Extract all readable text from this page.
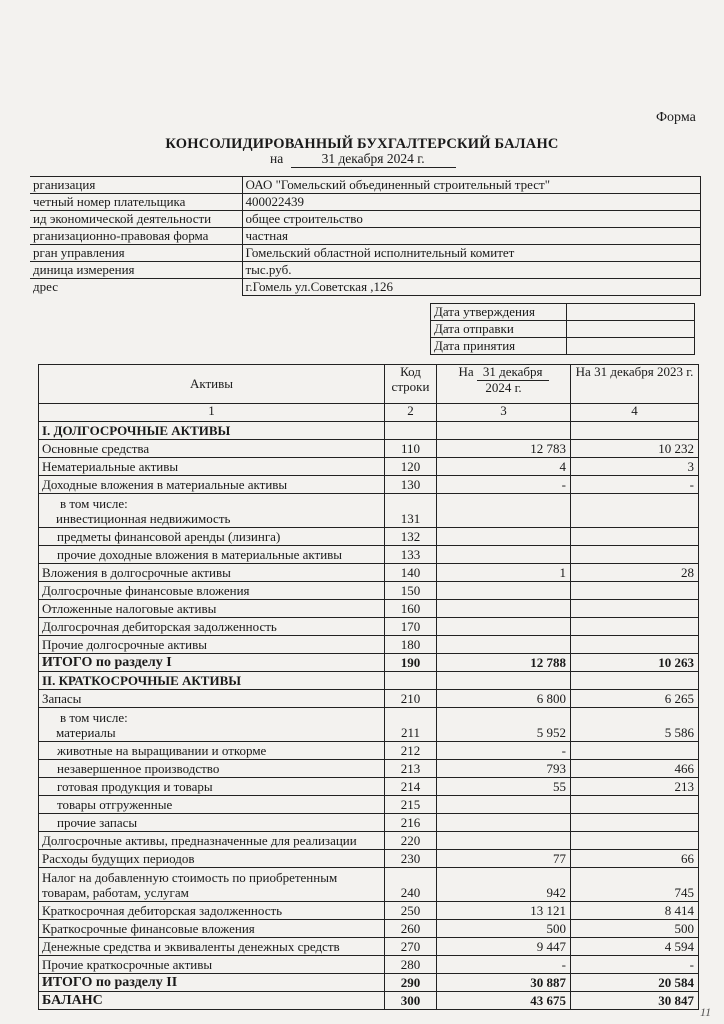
Форма
КОНСОЛИДИРОВАННЫЙ БУХГАЛТЕРСКИЙ БАЛАНС
на	31 декабря 2024 г.
рганизация	ОАО "Гомельский объединенный строительный трест"
четный номер плательщика	400022439
ид экономической деятельности	общее строительство
рганизационно-правовая форма	частная
рган управления	Гомельский областной исполнительный комитет
диница измерения	тыс.руб.
дрес	г.Гомель ул.Советская ,126
Дата утверждения	
Дата отправки	
Дата принятия	
Активы	Код строки	На 31 декабря
2024 г.	На 31 декабря 2023 г.
1	2	3	4
I. ДОЛГОСРОЧНЫЕ АКТИВЫ			
Основные средства	110	12 783	10 232
Нематериальные активы	120	4	3
Доходные вложения в материальные активы	130	-	-

в том числе:
инвестиционная недвижимость	131		
предметы финансовой аренды (лизинга)	132		
прочие доходные вложения в материальные активы	133		
Вложения в долгосрочные активы	140	1	28
Долгосрочные финансовые вложения	150		
Отложенные налоговые активы	160		
Долгосрочная дебиторская задолженность	170		
Прочие долгосрочные активы	180		
ИТОГО по разделу I	190	12 788	10 263
II. КРАТКОСРОЧНЫЕ АКТИВЫ			
Запасы	210	6 800	6 265

в том числе:
материалы	211	5 952	5 586
животные на выращивании и откорме	212	-	
незавершенное производство	213	793	466
готовая продукция и товары	214	55	213
товары отгруженные	215		
прочие запасы	216		
Долгосрочные активы, предназначенные для реализации	220		
Расходы будущих периодов	230	77	66

Налог на добавленную стоимость по приобретенным
товарам, работам, услугам	240	942	745
Краткосрочная дебиторская задолженность	250	13 121	8 414
Краткосрочные финансовые вложения	260	500	500
Денежные средства и эквиваленты денежных средств	270	9 447	4 594
Прочие краткосрочные активы	280	-	-
ИТОГО по разделу II	290	30 887	20 584
БАЛАНС	300	43 675	30 847
11
